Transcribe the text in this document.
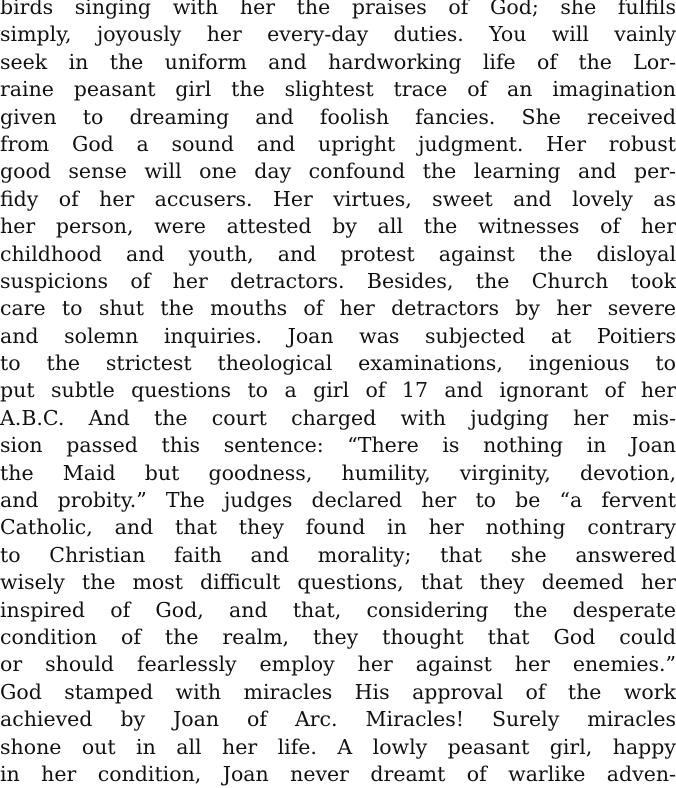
birds singing with her the praises of God; she fulfils
simply, joyously her every-day duties. You will vainly
seek in the uniform and hardworking life of the Lor-
raine peasant girl the slightest trace of an imagination
given to dreaming and foolish fancies. She received
from God a sound and upright judgment. Her robust
good sense will one day confound the learning and per-
fidy of her accusers. Her virtues, sweet and lovely as
her person, were attested by all the witnesses of her
childhood and youth, and protest against the disloyal
suspicions of her detractors. Besides, the Church took
care to shut the mouths of her detractors by her severe
and solemn inquiries. Joan was subjected at Poitiers
to the strictest theological examinations, ingenious to
put subtle questions to a girl of 17 and ignorant of her
A.B.C. And the court charged with judging her mis-
sion passed this sentence: “There is nothing in Joan
the Maid but goodness, humility, virginity, devotion,
and probity.” The judges declared her to be “a fervent
Catholic, and that they found in her nothing contrary
to Christian faith and morality; that she answered
wisely the most difficult questions, that they deemed her
inspired of God, and that, considering the desperate
condition of the realm, they thought that God could
or should fearlessly employ her against her enemies.”
God stamped with miracles His approval of the work
achieved by Joan of Arc. Miracles! Surely miracles
shone out in all her life. A lowly peasant girl, happy
in her condition, Joan never dreamt of warlike adven-
